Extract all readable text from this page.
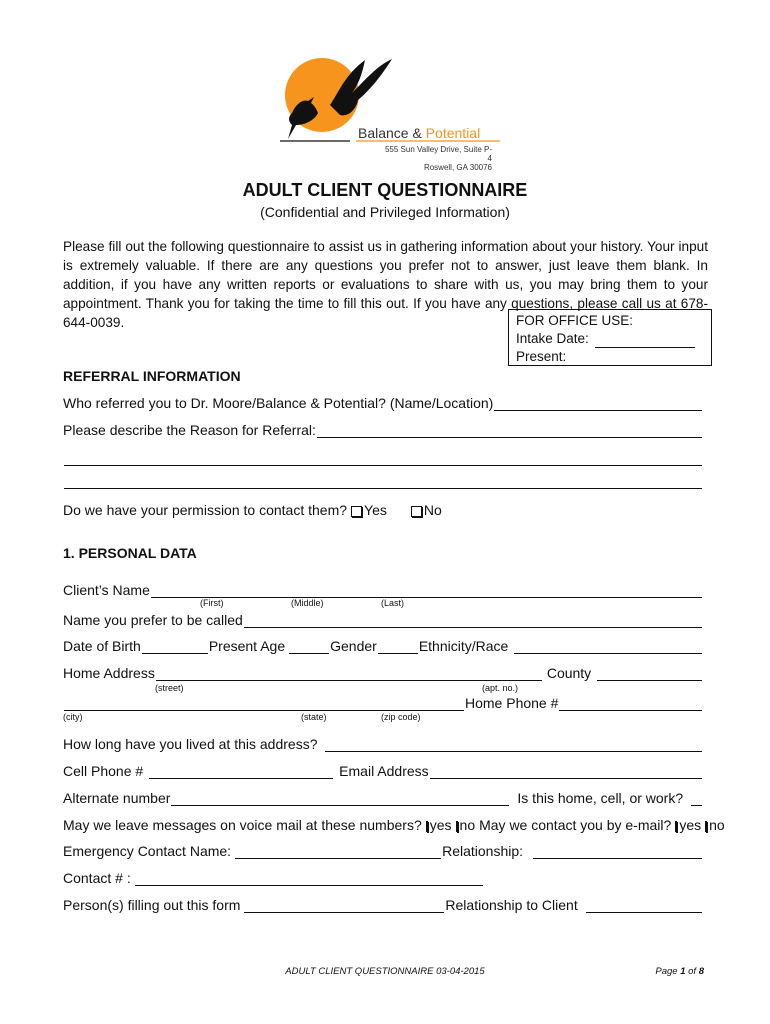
Balance & Potential
555 Sun Valley Drive, Suite P-4
Roswell, GA 30076
ADULT CLIENT QUESTIONNAIRE
(Confidential and Privileged Information)
Please fill out the following questionnaire to assist us in gathering information about your history. Your input is extremely valuable. If there are any questions you prefer not to answer, just leave them blank. In addition, if you have any written reports or evaluations to share with us, you may bring them to your appointment. Thank you for taking the time to fill this out. If you have any questions, please call us at 678-644-0039.	FOR OFFICE USE:
Intake Date:
Present:
REFERRAL INFORMATION
Who referred you to Dr. Moore/Balance & Potential? (Name/Location)
Please describe the Reason for Referral:
Do we have your permission to contact them? Yes	No
1. PERSONAL DATA
Client’s Name
(First)	(Middle)	(Last)
Name you prefer to be called
Date of Birth	Present Age	Gender	Ethnicity/Race
Home Address	County
(street)	(apt. no.)
Home Phone #
(city)	(state)	(zip code)
How long have you lived at this address?
Cell Phone #	Email Address
Alternate number	Is this home, cell, or work?
May we leave messages on voice mail at these numbers? yes no May we contact you by e-mail? yes no
Emergency Contact Name:	Relationship:
Contact # :
Person(s) filling out this form	Relationship to Client
ADULT CLIENT QUESTIONNAIRE 03-04-2015	Page 1 of 8
